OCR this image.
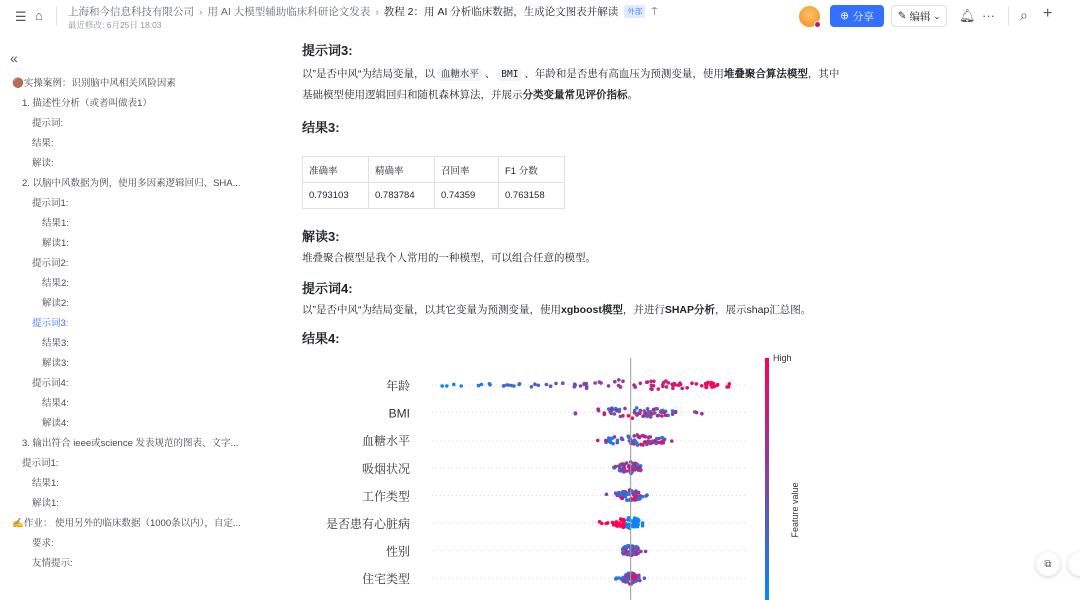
☰ ⌂ 上海和今信息科技有限公司 › 用 AI 大模型辅助临床科研论文发表 › 教程 2：用 AI 分析临床数据，生成论文图表并解读 外部 ⍑
最近修改: 6月25日 18:03
⊕ 分享 ✎ 编辑 ⌄ 🔔︎ ··· ⌕ +
«
🟤实操案例：识别脑中风相关风险因素
1. 描述性分析（或者叫做表1）
提示词:
结果:
解读:
2. 以脑中风数据为例，使用多因素逻辑回归、SHA...
提示词1:
结果1:
解读1:
提示词2:
结果2:
解读2:
提示词3:
结果3:
解读3:
提示词4:
结果4:
解读4:
3. 输出符合 ieee或science 发表规范的图表、文字...
提示词1:
结果1:
解读1:
✍️作业： 使用另外的临床数据（1000条以内），自定...
要求:
友情提示:
提示词3:

以”是否中风“为结局变量，以 血糖水平 、 BMI 、年龄和是否患有高血压为预测变量，使用堆叠聚合算法模型，其中基础模型使用逻辑回归和随机森林算法，并展示分类变量常见评价指标。

结果3:
准确率	精确率	召回率	F1 分数
0.793103	0.783784	0.74359	0.763158
解读3:

堆叠聚合模型是我个人常用的一种模型，可以组合任意的模型。

提示词4:

以”是否中风“为结局变量，以其它变量为预测变量，使用xgboost模型，并进行SHAP分析，展示shap汇总图。

结果4:
年龄
BMI
血糖水平
吸烟状况
工作类型
是否患有心脏病
性别
住宅类型
High
Feature value
⧉
